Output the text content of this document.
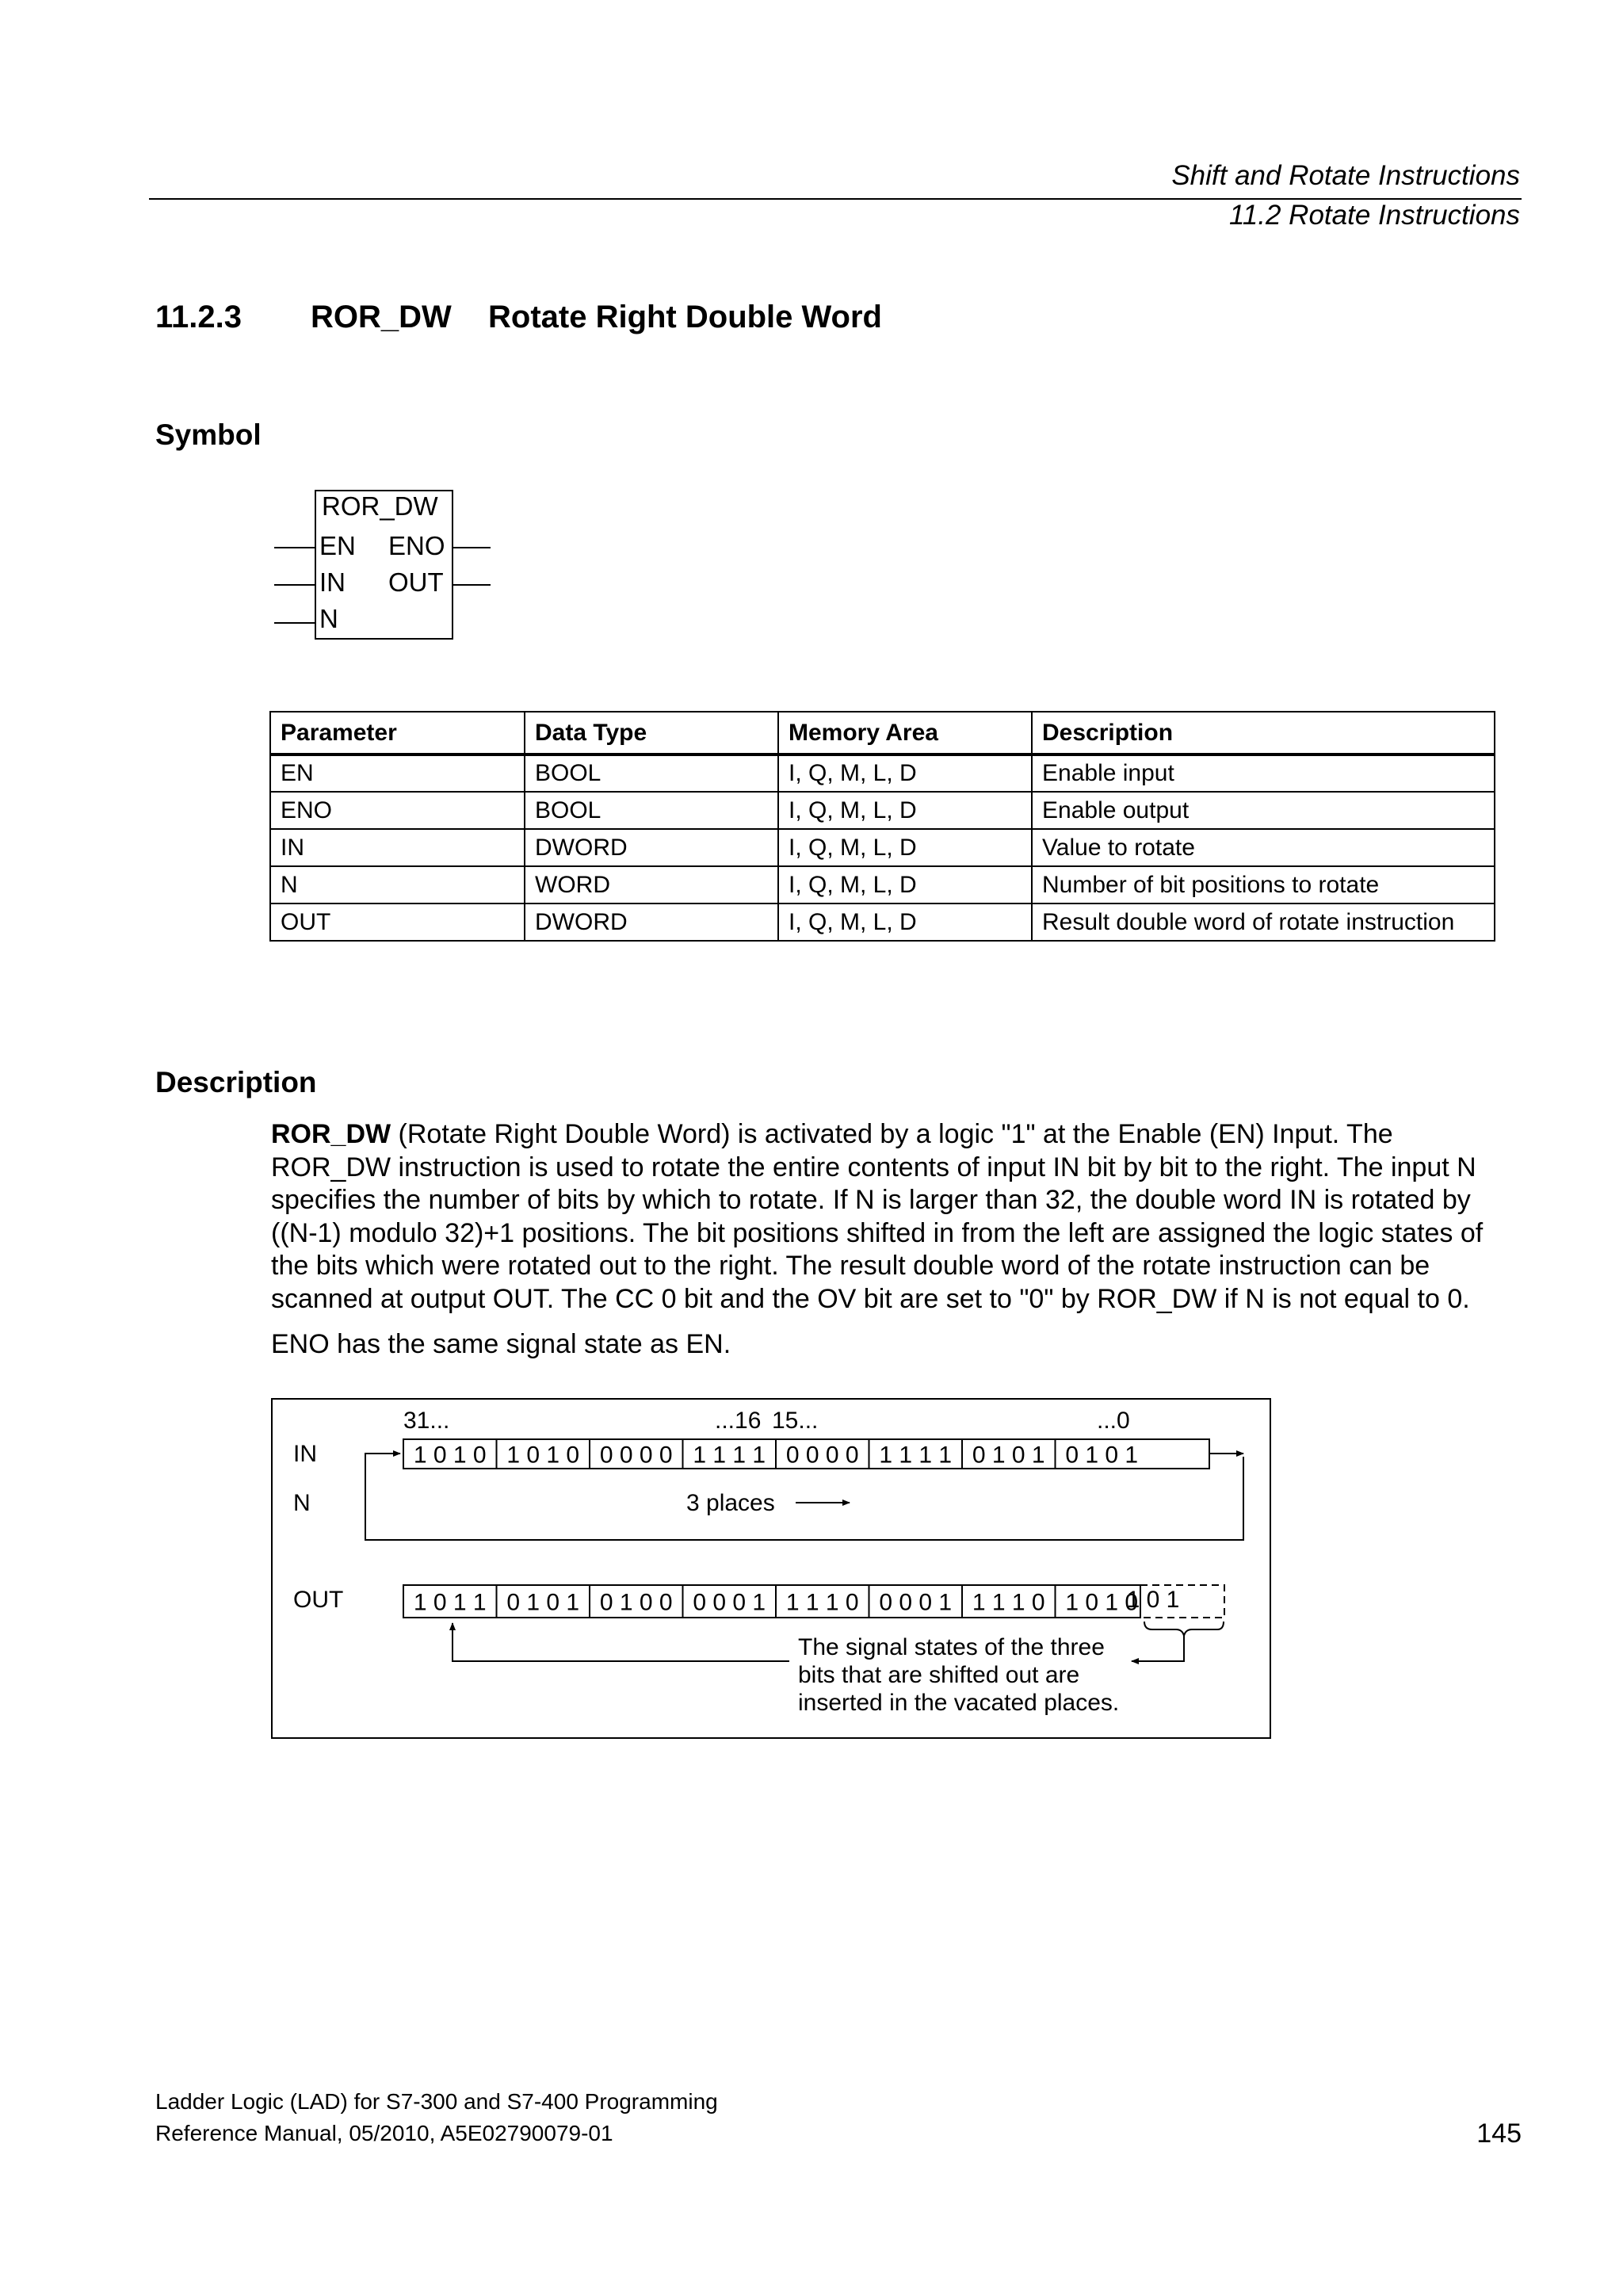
Shift and Rotate Instructions
11.2 Rotate Instructions
11.2.3 ROR_DW Rotate Right Double Word
Symbol
ROR_DW
EN ENO
IN OUT
N
Parameter	Data Type	Memory Area	Description
EN	BOOL	I, Q, M, L, D	Enable input
ENO	BOOL	I, Q, M, L, D	Enable output
IN	DWORD	I, Q, M, L, D	Value to rotate
N	WORD	I, Q, M, L, D	Number of bit positions to rotate
OUT	DWORD	I, Q, M, L, D	Result double word of rotate instruction
Description
ROR_DW (Rotate Right Double Word) is activated by a logic "1" at the Enable (EN) Input. The ROR_DW instruction is used to rotate the entire contents of input IN bit by bit to the right. The input N specifies the number of bits by which to rotate. If N is larger than 32, the double word IN is rotated by ((N-1) modulo 32)+1 positions. The bit positions shifted in from the left are assigned the logic states of the bits which were rotated out to the right. The result double word of the rotate instruction can be scanned at output OUT. The CC 0 bit and the OV bit are set to "0" by ROR_DW if N is not equal to 0.
ENO has the same signal state as EN.
31...	...16 15...	...0
IN
N
OUT
3 places
1 0 1 0 1 0 1 0 0 0 0 0 1 1 1 1 0 0 0 0 1 1 1 1 0 1 0 1 0 1 0 1
1 0 1 1 0 1 0 1 0 1 0 0 0 0 0 1 1 1 1 0 0 0 0 1 1 1 1 0 1 0 1 0
1 0 1
The signal states of the three
bits that are shifted out are
inserted in the vacated places.
Ladder Logic (LAD) for S7-300 and S7-400 Programming
Reference Manual, 05/2010, A5E02790079-01	145
